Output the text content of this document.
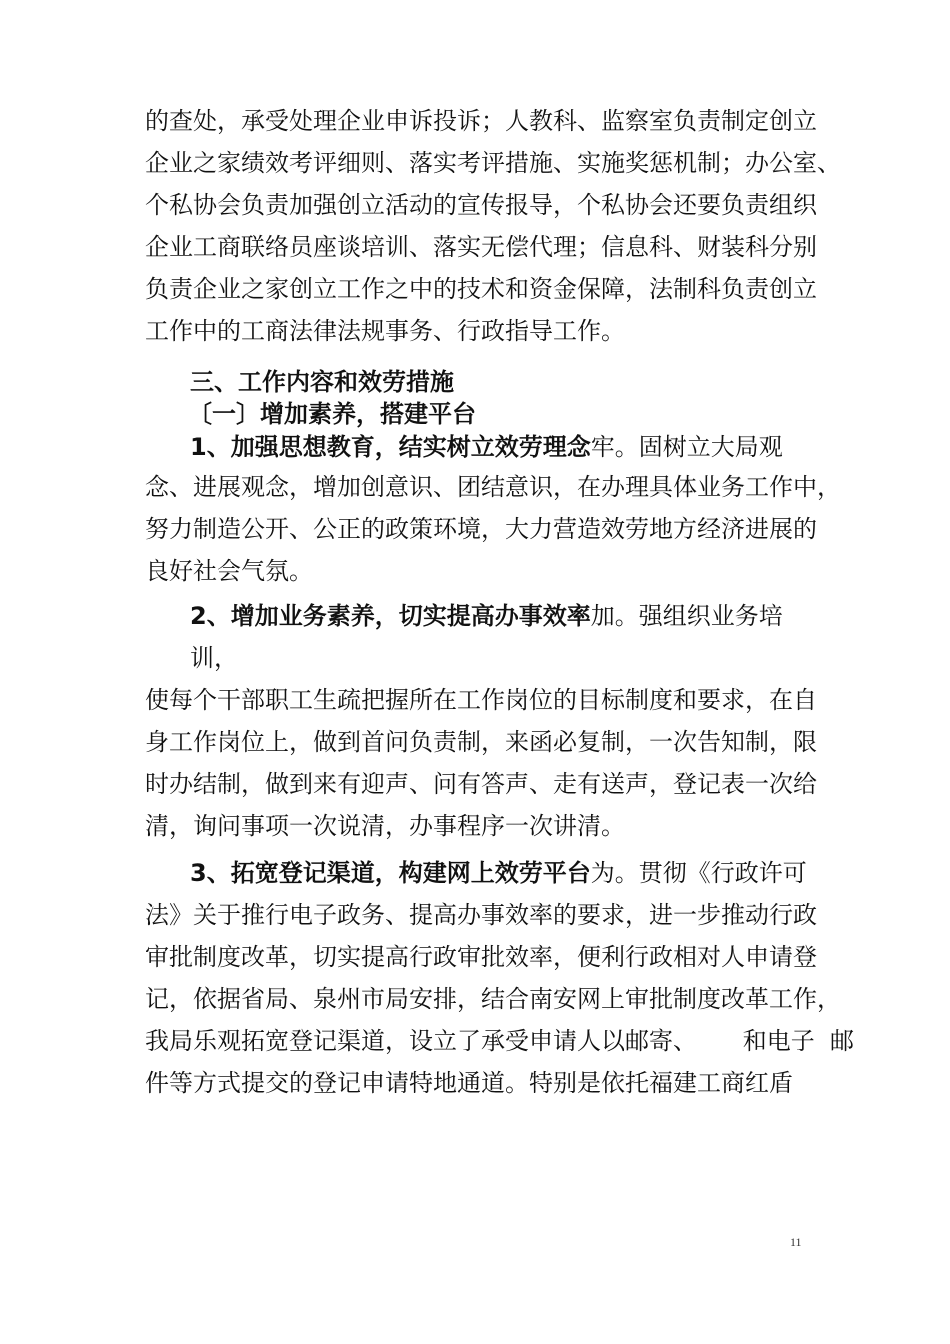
的查处，承受处理企业申诉投诉；人教科、监察室负责制定创立
企业之家绩效考评细则、落实考评措施、实施奖惩机制；办公室、
个私协会负责加强创立活动的宣传报导，个私协会还要负责组织
企业工商联络员座谈培训、落实无偿代理；信息科、财装科分别
负责企业之家创立工作之中的技术和资金保障，法制科负责创立
工作中的工商法律法规事务、行政指导工作。
三、工作内容和效劳措施
〔一〕增加素养，搭建平台
1、加强思想教育，结实树立效劳理念牢。固树立大局观
念、进展观念，增加创意识、团结意识，在办理具体业务工作中，
努力制造公开、公正的政策环境，大力营造效劳地方经济进展的
良好社会气氛。
2、增加业务素养，切实提高办事效率加。强组织业务培
训，
使每个干部职工生疏把握所在工作岗位的目标制度和要求，在自
身工作岗位上，做到首问负责制，来函必复制，一次告知制，限
时办结制，做到来有迎声、问有答声、走有送声，登记表一次给
清，询问事项一次说清，办事程序一次讲清。
3、拓宽登记渠道，构建网上效劳平台为。贯彻《行政许可
法》关于推行电子政务、提高办事效率的要求，进一步推动行政
审批制度改革，切实提高行政审批效率，便利行政相对人申请登
记，依据省局、泉州市局安排，结合南安网上审批制度改革工作，
我局乐观拓宽登记渠道，设立了承受申请人以邮寄、      和电子  邮
件等方式提交的登记申请特地通道。特别是依托福建工商红盾
11
